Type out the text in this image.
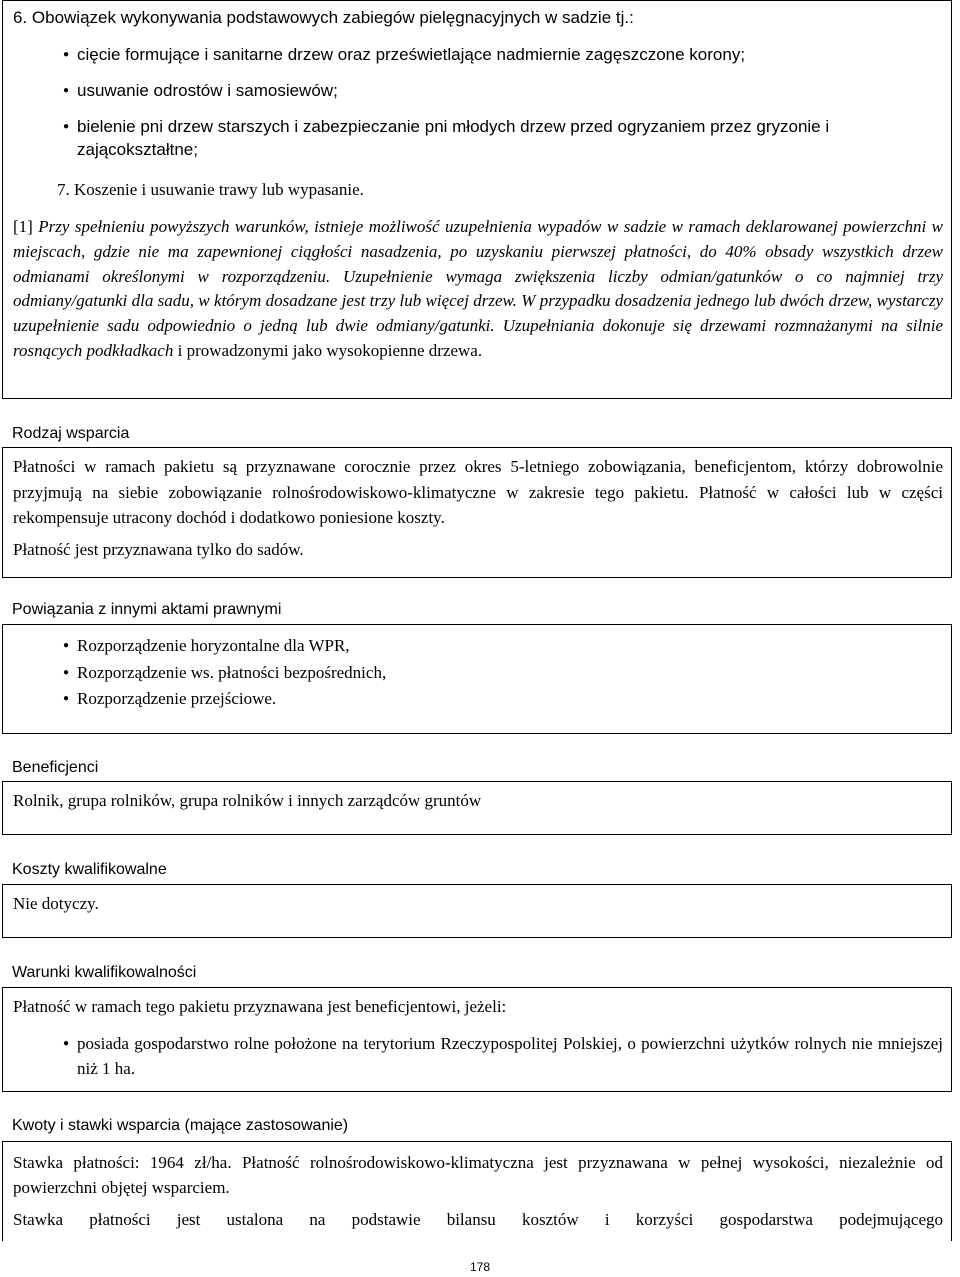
6. Obowiązek wykonywania podstawowych zabiegów pielęgnacyjnych w sadzie tj.:
● cięcie formujące i sanitarne drzew oraz prześwietlające nadmiernie zagęszczone korony;
● usuwanie odrostów i samosiewów;
● bielenie pni drzew starszych i zabezpieczanie pni młodych drzew przed ogryzaniem przez gryzonie i zającokształtne;
7. Koszenie i usuwanie trawy lub wypasanie.

[1] Przy spełnieniu powyższych warunków, istnieje możliwość uzupełnienia wypadów w sadzie w ramach deklarowanej powierzchni w miejscach, gdzie nie ma zapewnionej ciągłości nasadzenia, po uzyskaniu pierwszej płatności, do 40% obsady wszystkich drzew odmianami określonymi w rozporządzeniu. Uzupełnienie wymaga zwiększenia liczby odmian/gatunków o co najmniej trzy odmiany/gatunki dla sadu, w którym dosadzane jest trzy lub więcej drzew. W przypadku dosadzenia jednego lub dwóch drzew, wystarczy uzupełnienie sadu odpowiednio o jedną lub dwie odmiany/gatunki. Uzupełniania dokonuje się drzewami rozmnażanymi na silnie rosnących podkładkach i prowadzonymi jako wysokopienne drzewa.

Rodzaj wsparcia

Płatności w ramach pakietu są przyznawane corocznie przez okres 5-letniego zobowiązania, beneficjentom, którzy dobrowolnie przyjmują na siebie zobowiązanie rolnośrodowiskowo-klimatyczne w zakresie tego pakietu. Płatność w całości lub w części rekompensuje utracony dochód i dodatkowo poniesione koszty.

Płatność jest przyznawana tylko do sadów.

Powiązania z innymi aktami prawnymi
● Rozporządzenie horyzontalne dla WPR,
● Rozporządzenie ws. płatności bezpośrednich,
● Rozporządzenie przejściowe.
Beneficjenci

Rolnik, grupa rolników, grupa rolników i innych zarządców gruntów

Koszty kwalifikowalne

Nie dotyczy.

Warunki kwalifikowalności

Płatność w ramach tego pakietu przyznawana jest beneficjentowi, jeżeli:

● posiada gospodarstwo rolne położone na terytorium Rzeczypospolitej Polskiej, o powierzchni użytków rolnych nie mniejszej niż 1 ha.
Kwoty i stawki wsparcia (mające zastosowanie)

Stawka płatności: 1964 zł/ha. Płatność rolnośrodowiskowo-klimatyczna jest przyznawana w pełnej wysokości, niezależnie od powierzchni objętej wsparciem.

Stawka płatności jest ustalona na podstawie bilansu kosztów i korzyści gospodarstwa podejmującego

178
